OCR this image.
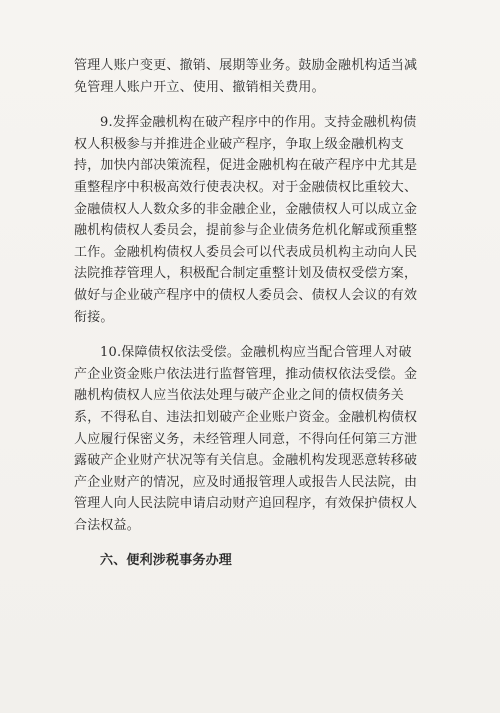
管理人账户变更、撤销、展期等业务。鼓励金融机构适当减
免管理人账户开立、使用、撤销相关费用。
9.发挥金融机构在破产程序中的作用。支持金融机构债
权人积极参与并推进企业破产程序，争取上级金融机构支
持，加快内部决策流程，促进金融机构在破产程序中尤其是
重整程序中积极高效行使表决权。对于金融债权比重较大、
金融债权人人数众多的非金融企业，金融债权人可以成立金
融机构债权人委员会，提前参与企业债务危机化解或预重整
工作。金融机构债权人委员会可以代表成员机构主动向人民
法院推荐管理人，积极配合制定重整计划及债权受偿方案，
做好与企业破产程序中的债权人委员会、债权人会议的有效
衔接。
10.保障债权依法受偿。金融机构应当配合管理人对破
产企业资金账户依法进行监督管理，推动债权依法受偿。金
融机构债权人应当依法处理与破产企业之间的债权债务关
系，不得私自、违法扣划破产企业账户资金。金融机构债权
人应履行保密义务，未经管理人同意，不得向任何第三方泄
露破产企业财产状况等有关信息。金融机构发现恶意转移破
产企业财产的情况，应及时通报管理人或报告人民法院，由
管理人向人民法院申请启动财产追回程序，有效保护债权人
合法权益。
六、便利涉税事务办理
